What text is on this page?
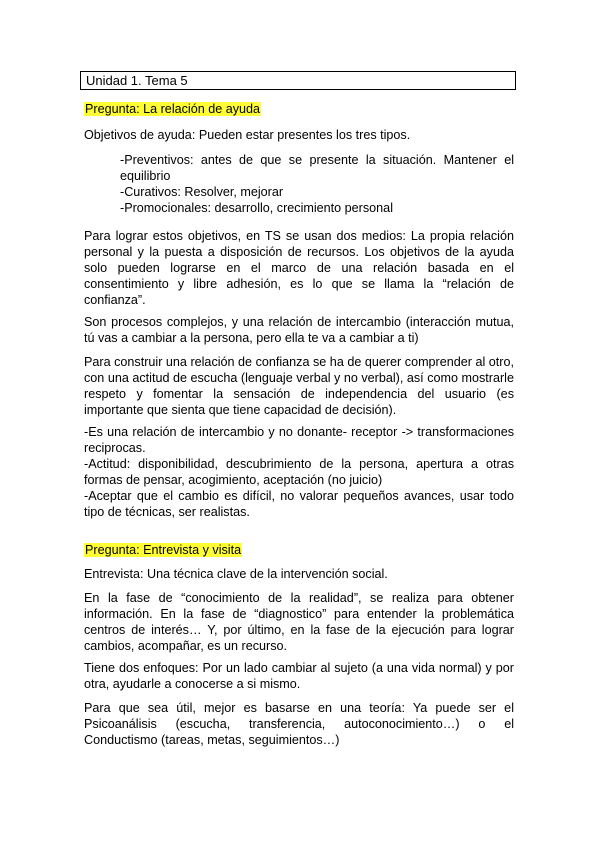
Unidad 1. Tema 5
Pregunta: La relación de ayuda
Objetivos de ayuda: Pueden estar presentes los tres tipos.
-Preventivos: antes de que se presente la situación. Mantener el equilibrio
-Curativos: Resolver, mejorar
-Promocionales: desarrollo, crecimiento personal
Para lograr estos objetivos, en TS se usan dos medios: La propia relación personal y la puesta a disposición de recursos. Los objetivos de la ayuda solo pueden lograrse en el marco de una relación basada en el consentimiento y libre adhesión, es lo que se llama la “relación de confianza”.
Son procesos complejos, y una relación de intercambio (interacción mutua, tú vas a cambiar a la persona, pero ella te va a cambiar a ti)
Para construir una relación de confianza se ha de querer comprender al otro, con una actitud de escucha (lenguaje verbal y no verbal), así como mostrarle respeto y fomentar la sensación de independencia del usuario (es importante que sienta que tiene capacidad de decisión).
-Es una relación de intercambio y no donante- receptor -> transformaciones reciprocas.
-Actitud: disponibilidad, descubrimiento de la persona, apertura a otras formas de pensar, acogimiento, aceptación (no juicio)
-Aceptar que el cambio es difícil, no valorar pequeños avances, usar todo tipo de técnicas, ser realistas.
Pregunta: Entrevista y visita
Entrevista: Una técnica clave de la intervención social.
En la fase de “conocimiento de la realidad”, se realiza para obtener información. En la fase de “diagnostico” para entender la problemática centros de interés… Y, por último, en la fase de la ejecución para lograr cambios, acompañar, es un recurso.
Tiene dos enfoques: Por un lado cambiar al sujeto (a una vida normal) y por otra, ayudarle a conocerse a si mismo.
Para que sea útil, mejor es basarse en una teoría: Ya puede ser el Psicoanálisis (escucha, transferencia, autoconocimiento…) o el Conductismo (tareas, metas, seguimientos…)
